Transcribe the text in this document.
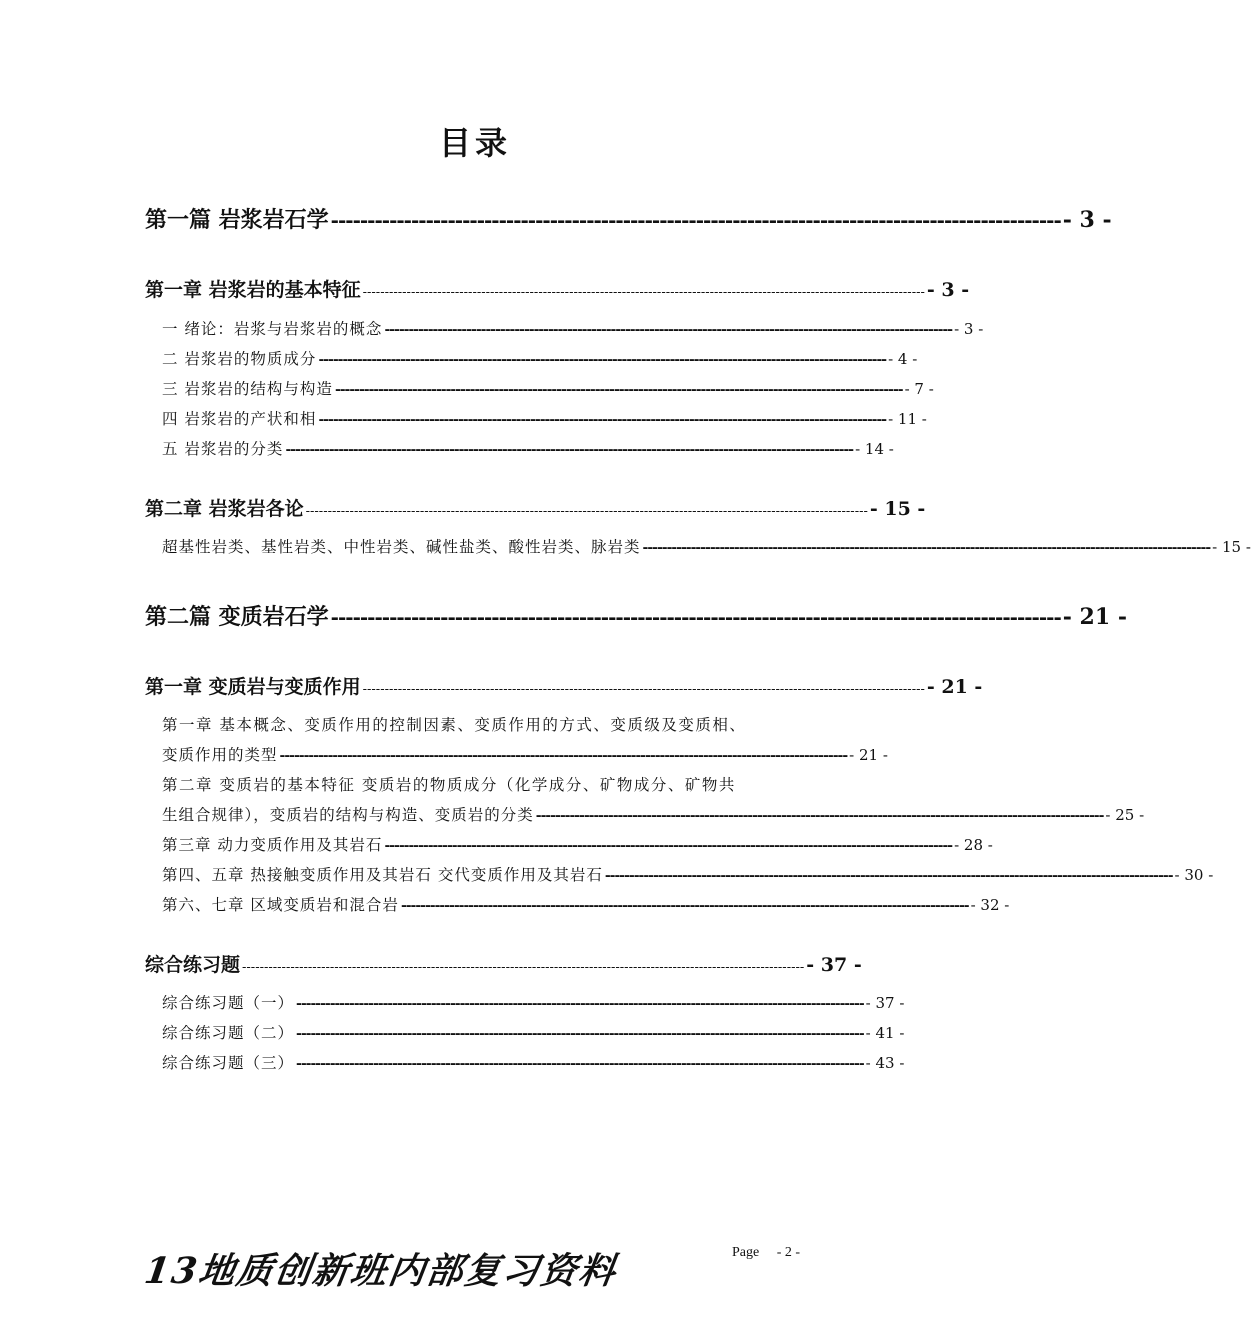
目录
第一篇 岩浆岩石学 ---------------------------------------------------------------------------------------------------- - 3 -
第一章 岩浆岩的基本特征 -------------------------------------------------------------------------------------------------------------------------------- - 3 -
一 绪论：岩浆与岩浆岩的概念 ---------------------------------------------------------------------------------------------------------------------- - 3 -
二 岩浆岩的物质成分 ---------------------------------------------------------------------------------------------------------------------- - 4 -
三 岩浆岩的结构与构造 ---------------------------------------------------------------------------------------------------------------------- - 7 -
四 岩浆岩的产状和相 ---------------------------------------------------------------------------------------------------------------------- - 11 -
五 岩浆岩的分类 ---------------------------------------------------------------------------------------------------------------------- - 14 -
第二章 岩浆岩各论 -------------------------------------------------------------------------------------------------------------------------------- - 15 -
超基性岩类、基性岩类、中性岩类、碱性盐类、酸性岩类、脉岩类 ---------------------------------------------------------------------------------------------------------------------- - 15 -
第二篇 变质岩石学 ---------------------------------------------------------------------------------------------------- - 21 -
第一章 变质岩与变质作用 -------------------------------------------------------------------------------------------------------------------------------- - 21 -
第一章 基本概念、变质作用的控制因素、变质作用的方式、变质级及变质相、
变质作用的类型 ---------------------------------------------------------------------------------------------------------------------- - 21 -
第二章 变质岩的基本特征 变质岩的物质成分（化学成分、矿物成分、矿物共
生组合规律），变质岩的结构与构造、变质岩的分类 ---------------------------------------------------------------------------------------------------------------------- - 25 -
第三章 动力变质作用及其岩石 ---------------------------------------------------------------------------------------------------------------------- - 28 -
第四、五章 热接触变质作用及其岩石 交代变质作用及其岩石 ---------------------------------------------------------------------------------------------------------------------- - 30 -
第六、七章 区域变质岩和混合岩 ---------------------------------------------------------------------------------------------------------------------- - 32 -
综合练习题 -------------------------------------------------------------------------------------------------------------------------------- - 37 -
综合练习题（一） ---------------------------------------------------------------------------------------------------------------------- - 37 -
综合练习题（二） ---------------------------------------------------------------------------------------------------------------------- - 41 -
综合练习题（三） ---------------------------------------------------------------------------------------------------------------------- - 43 -
13地质创新班内部复习资料	Page - 2 -
